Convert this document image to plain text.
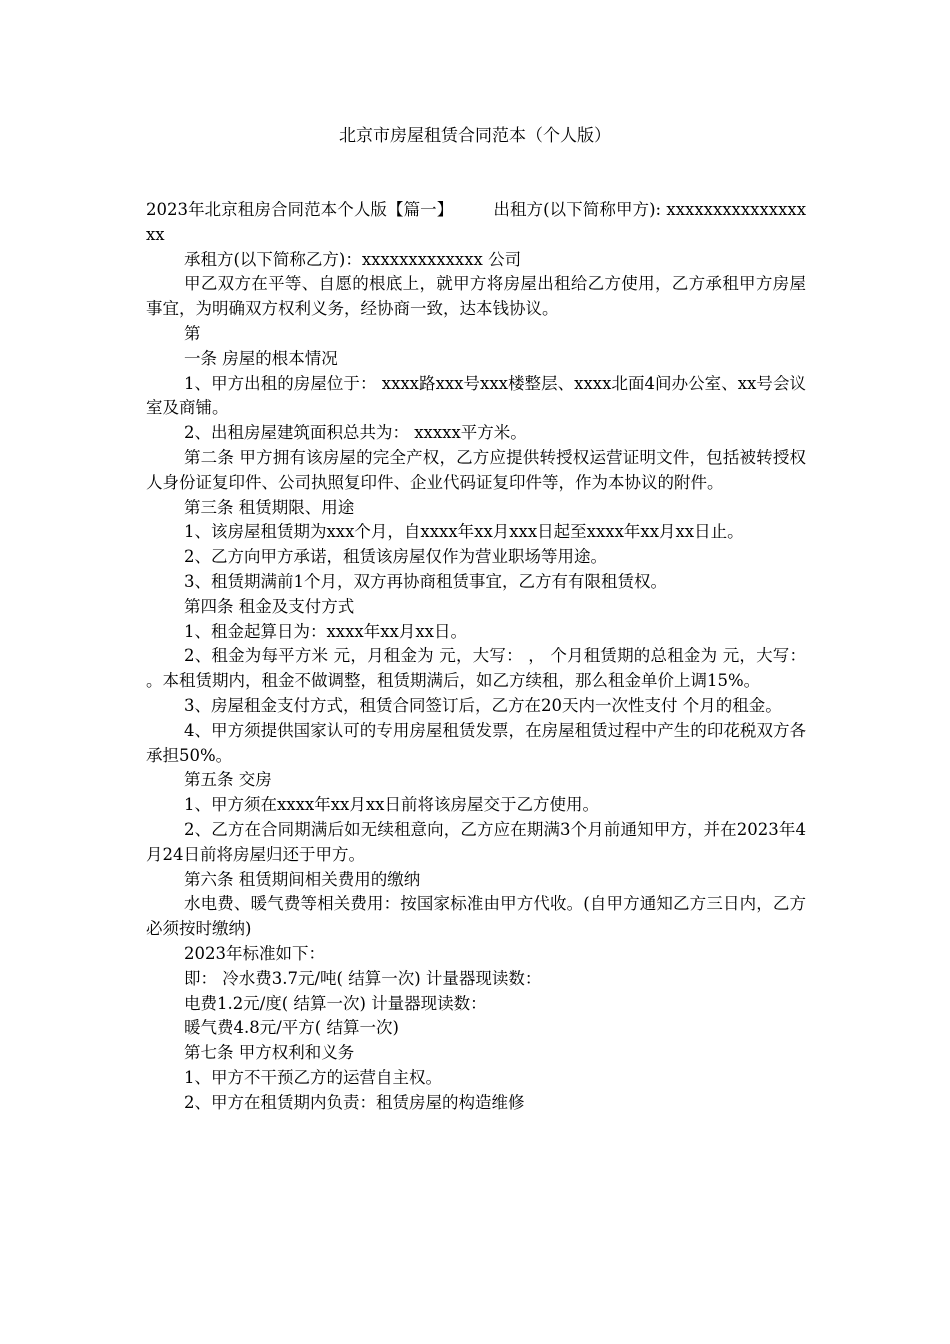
北京市房屋租赁合同范本（个人版）

2023年北京租房合同范本个人版【篇一】 出租方(以下简称甲方): xxxxxxxxxxxxxxxxx

承租方(以下简称乙方)：xxxxxxxxxxxxx 公司

甲乙双方在平等、自愿的根底上，就甲方将房屋出租给乙方使用，乙方承租甲方房屋事宜，为明确双方权利义务，经协商一致，达本钱协议。

第

一条 房屋的根本情况

1、甲方出租的房屋位于： xxxx路xxx号xxx楼整层、xxxx北面4间办公室、xx号会议室及商铺。

2、出租房屋建筑面积总共为： xxxxx平方米。

第二条 甲方拥有该房屋的完全产权，乙方应提供转授权运营证明文件，包括被转授权人身份证复印件、公司执照复印件、企业代码证复印件等，作为本协议的附件。

第三条 租赁期限、用途

1、该房屋租赁期为xxx个月，自xxxx年xx月xxx日起至xxxx年xx月xx日止。

2、乙方向甲方承诺，租赁该房屋仅作为营业职场等用途。

3、租赁期满前1个月，双方再协商租赁事宜，乙方有有限租赁权。

第四条 租金及支付方式

1、租金起算日为：xxxx年xx月xx日。

2、租金为每平方米 元，月租金为 元，大写： ， 个月租赁期的总租金为 元，大写： 。本租赁期内，租金不做调整，租赁期满后，如乙方续租，那么租金单价上调15%。

3、房屋租金支付方式，租赁合同签订后，乙方在20天内一次性支付 个月的租金。

4、甲方须提供国家认可的专用房屋租赁发票，在房屋租赁过程中产生的印花税双方各承担50%。

第五条 交房

1、甲方须在xxxx年xx月xx日前将该房屋交于乙方使用。

2、乙方在合同期满后如无续租意向，乙方应在期满3个月前通知甲方，并在2023年4月24日前将房屋归还于甲方。

第六条 租赁期间相关费用的缴纳

水电费、暖气费等相关费用：按国家标准由甲方代收。(自甲方通知乙方三日内，乙方必须按时缴纳)

2023年标准如下：

即： 冷水费3.7元/吨( 结算一次) 计量器现读数：

电费1.2元/度( 结算一次) 计量器现读数：

暖气费4.8元/平方( 结算一次)

第七条 甲方权利和义务

1、甲方不干预乙方的运营自主权。

2、甲方在租赁期内负责：租赁房屋的构造维修
